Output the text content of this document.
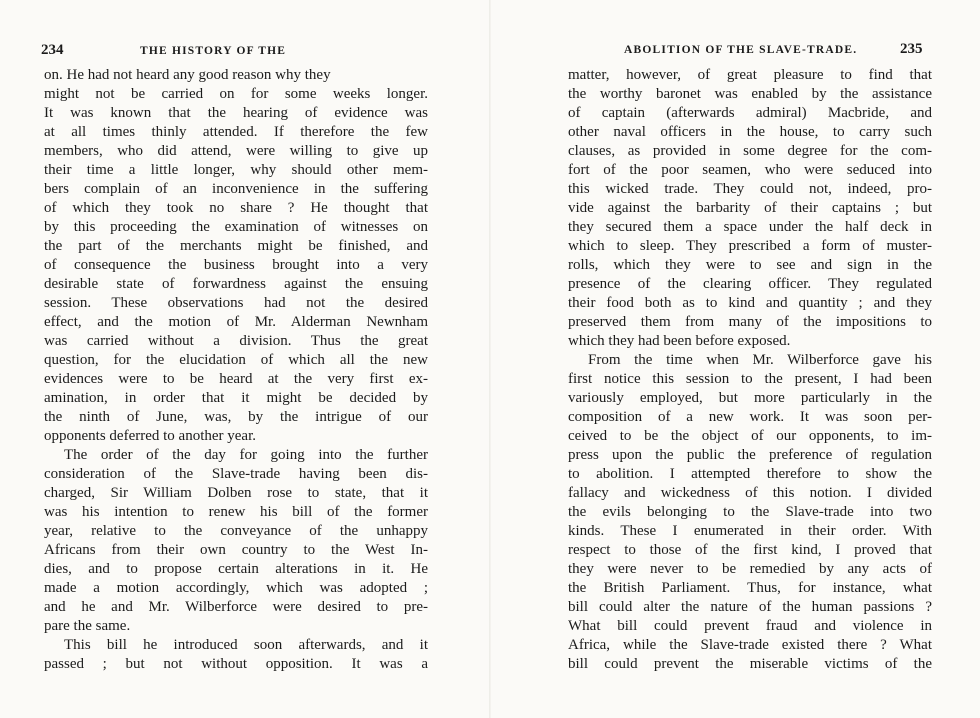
234	THE HISTORY OF THE
on. He had not heard any good reason why they
might not be carried on for some weeks longer.
It was known that the hearing of evidence was
at all times thinly attended. If therefore the few
members, who did attend, were willing to give up
their time a little longer, why should other mem-
bers complain of an inconvenience in the suffering
of which they took no share ? He thought that
by this proceeding the examination of witnesses on
the part of the merchants might be finished, and
of consequence the business brought into a very
desirable state of forwardness against the ensuing
session. These observations had not the desired
effect, and the motion of Mr. Alderman Newnham
was carried without a division. Thus the great
question, for the elucidation of which all the new
evidences were to be heard at the very first ex-
amination, in order that it might be decided by
the ninth of June, was, by the intrigue of our
opponents deferred to another year.
The order of the day for going into the further
consideration of the Slave-trade having been dis-
charged, Sir William Dolben rose to state, that it
was his intention to renew his bill of the former
year, relative to the conveyance of the unhappy
Africans from their own country to the West In-
dies, and to propose certain alterations in it. He
made a motion accordingly, which was adopted ;
and he and Mr. Wilberforce were desired to pre-
pare the same.
This bill he introduced soon afterwards, and it
passed ; but not without opposition. It was a
ABOLITION OF THE SLAVE-TRADE.	235
matter, however, of great pleasure to find that
the worthy baronet was enabled by the assistance
of captain (afterwards admiral) Macbride, and
other naval officers in the house, to carry such
clauses, as provided in some degree for the com-
fort of the poor seamen, who were seduced into
this wicked trade. They could not, indeed, pro-
vide against the barbarity of their captains ; but
they secured them a space under the half deck in
which to sleep. They prescribed a form of muster-
rolls, which they were to see and sign in the
presence of the clearing officer. They regulated
their food both as to kind and quantity ; and they
preserved them from many of the impositions to
which they had been before exposed.
From the time when Mr. Wilberforce gave his
first notice this session to the present, I had been
variously employed, but more particularly in the
composition of a new work. It was soon per-
ceived to be the object of our opponents, to im-
press upon the public the preference of regulation
to abolition. I attempted therefore to show the
fallacy and wickedness of this notion. I divided
the evils belonging to the Slave-trade into two
kinds. These I enumerated in their order. With
respect to those of the first kind, I proved that
they were never to be remedied by any acts of
the British Parliament. Thus, for instance, what
bill could alter the nature of the human passions ?
What bill could prevent fraud and violence in
Africa, while the Slave-trade existed there ? What
bill could prevent the miserable victims of the
